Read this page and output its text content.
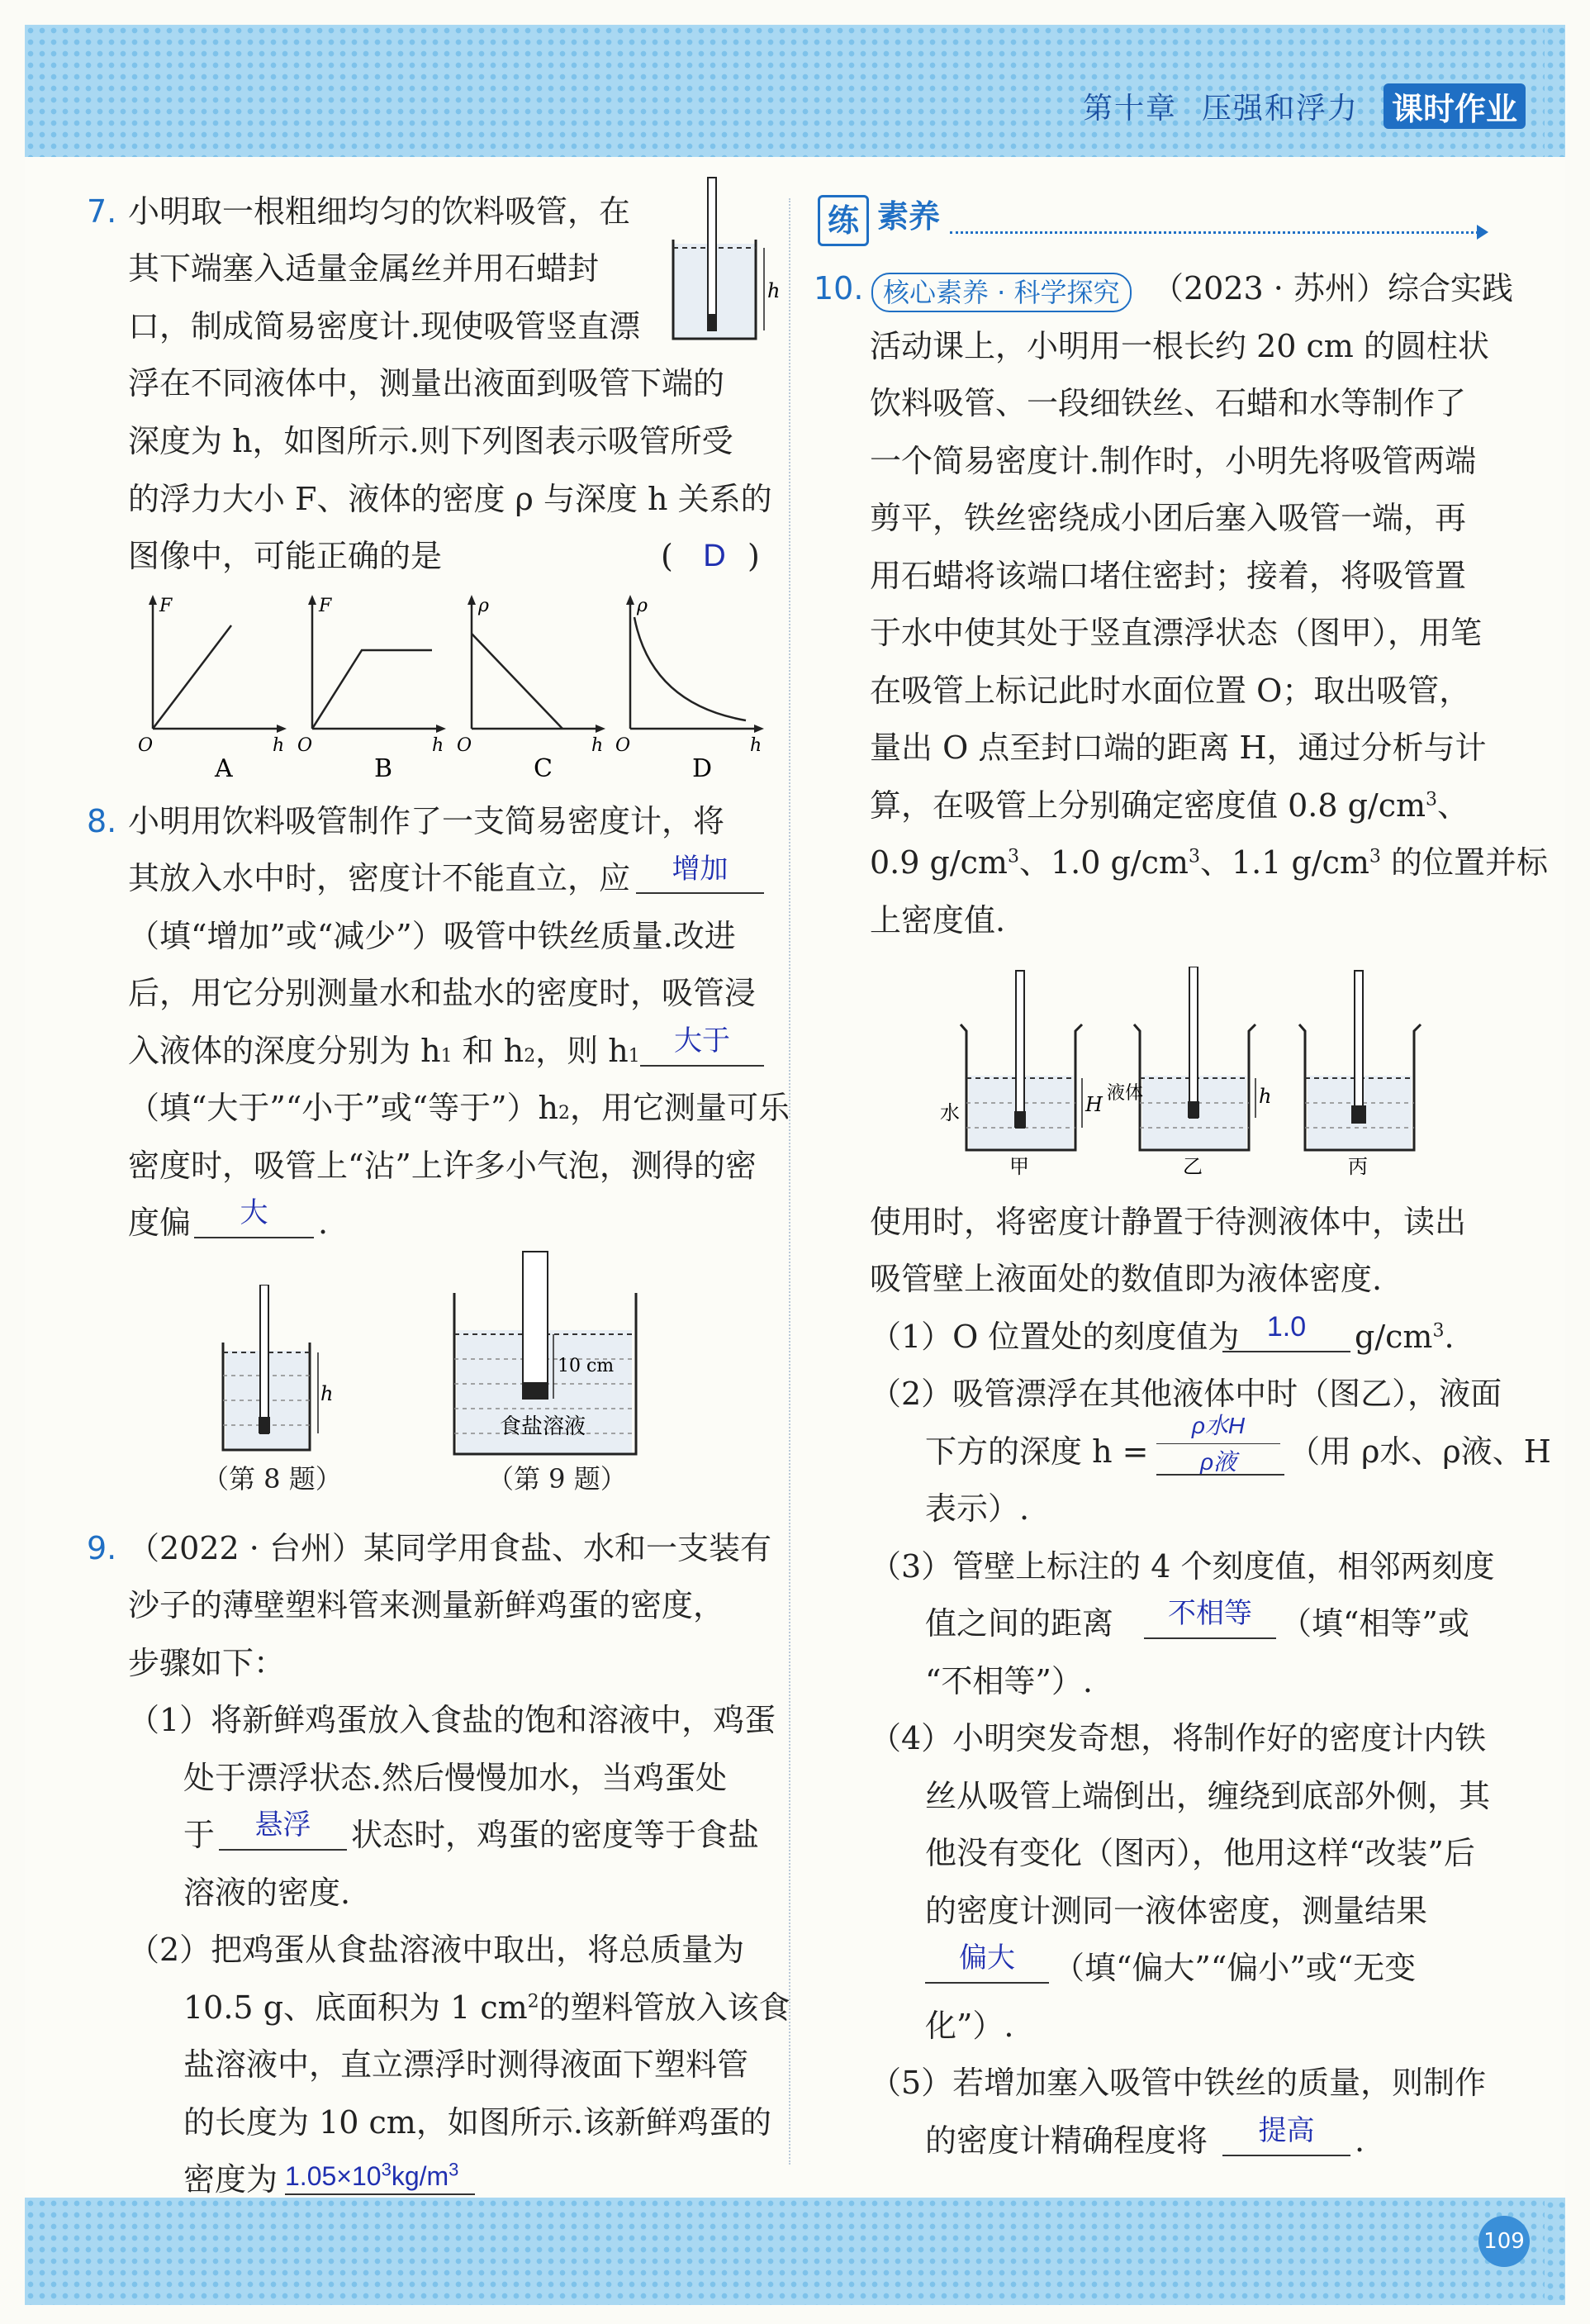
第十章 压强和浮力 课时作业
7. 小明取一根粗细均匀的饮料吸管，在
其下端塞入适量金属丝并用石蜡封
口，制成简易密度计.现使吸管竖直漂
浮在不同液体中，测量出液面到吸管下端的
深度为 h，如图所示.则下列图表示吸管所受
的浮力大小 F、液体的密度 ρ 与深度 h 关系的
图像中，可能正确的是	( D )
h
F
h
O
A
F
h
O
B
ρ
h
O
C
ρ
h
O
D
8. 小明用饮料吸管制作了一支简易密度计，将
其放入水中时，密度计不能直立，应	增加
（填“增加”或“减少”）吸管中铁丝质量.改进
后，用它分别测量水和盐水的密度时，吸管浸
入液体的深度分别为 h1 和 h2，则 h1	大于
（填“大于”“小于”或“等于”）h2，用它测量可乐
密度时，吸管上“沾”上许多小气泡，测得的密
度偏	大	.
h
（第 8 题）
10 cm
食盐溶液
（第 9 题）
9. （2022 · 台州）某同学用食盐、水和一支装有
沙子的薄壁塑料管来测量新鲜鸡蛋的密度，
步骤如下：
（1）将新鲜鸡蛋放入食盐的饱和溶液中，鸡蛋
处于漂浮状态.然后慢慢加水，当鸡蛋处
于	悬浮	状态时，鸡蛋的密度等于食盐
溶液的密度.
（2）把鸡蛋从食盐溶液中取出，将总质量为
10.5 g、底面积为 1 $cm^2$的塑料管放入该食
盐溶液中，直立漂浮时测得液面下塑料管
的长度为 10 cm，如图所示.该新鲜鸡蛋的
密度为 $1.05\times 10^3kg/m^3$
练 素养
10. 核心素养 · 科学探究	（2023 · 苏州）综合实践
活动课上，小明用一根长约 20 cm 的圆柱状
饮料吸管、一段细铁丝、石蜡和水等制作了
一个简易密度计.制作时，小明先将吸管两端
剪平，铁丝密绕成小团后塞入吸管一端，再
用石蜡将该端口堵住密封；接着，将吸管置
于水中使其处于竖直漂浮状态（图甲），用笔
在吸管上标记此时水面位置 O；取出吸管，
量出 O 点至封口端的距离 H，通过分析与计
算，在吸管上分别确定密度值 0.8 $g/cm^3$、
0.9 $g/cm^3$、1.0 $g/cm^3$、1.1 $g/cm^3$ 的位置并标
上密度值.
H
水
甲
h
液体
乙	丙
使用时，将密度计静置于待测液体中，读出
吸管壁上液面处的数值即为液体密度.
（1）O 位置处的刻度值为 1.0	$g/cm^3$.
（2）吸管漂浮在其他液体中时（图乙），液面
下方的深度 h =
ρ水H
ρ液	（用 ρ水、ρ液、H
表示）.
（3）管壁上标注的 4 个刻度值，相邻两刻度
值之间的距离	不相等 （填“相等”或
“不相等”）.
（4）小明突发奇想，将制作好的密度计内铁
丝从吸管上端倒出，缠绕到底部外侧，其
他没有变化（图丙），他用这样“改装”后
的密度计测同一液体密度，测量结果
偏大	（填“偏大”“偏小”或“无变
化”）.
（5）若增加塞入吸管中铁丝的质量，则制作
的密度计精确程度将	提高	.
109
